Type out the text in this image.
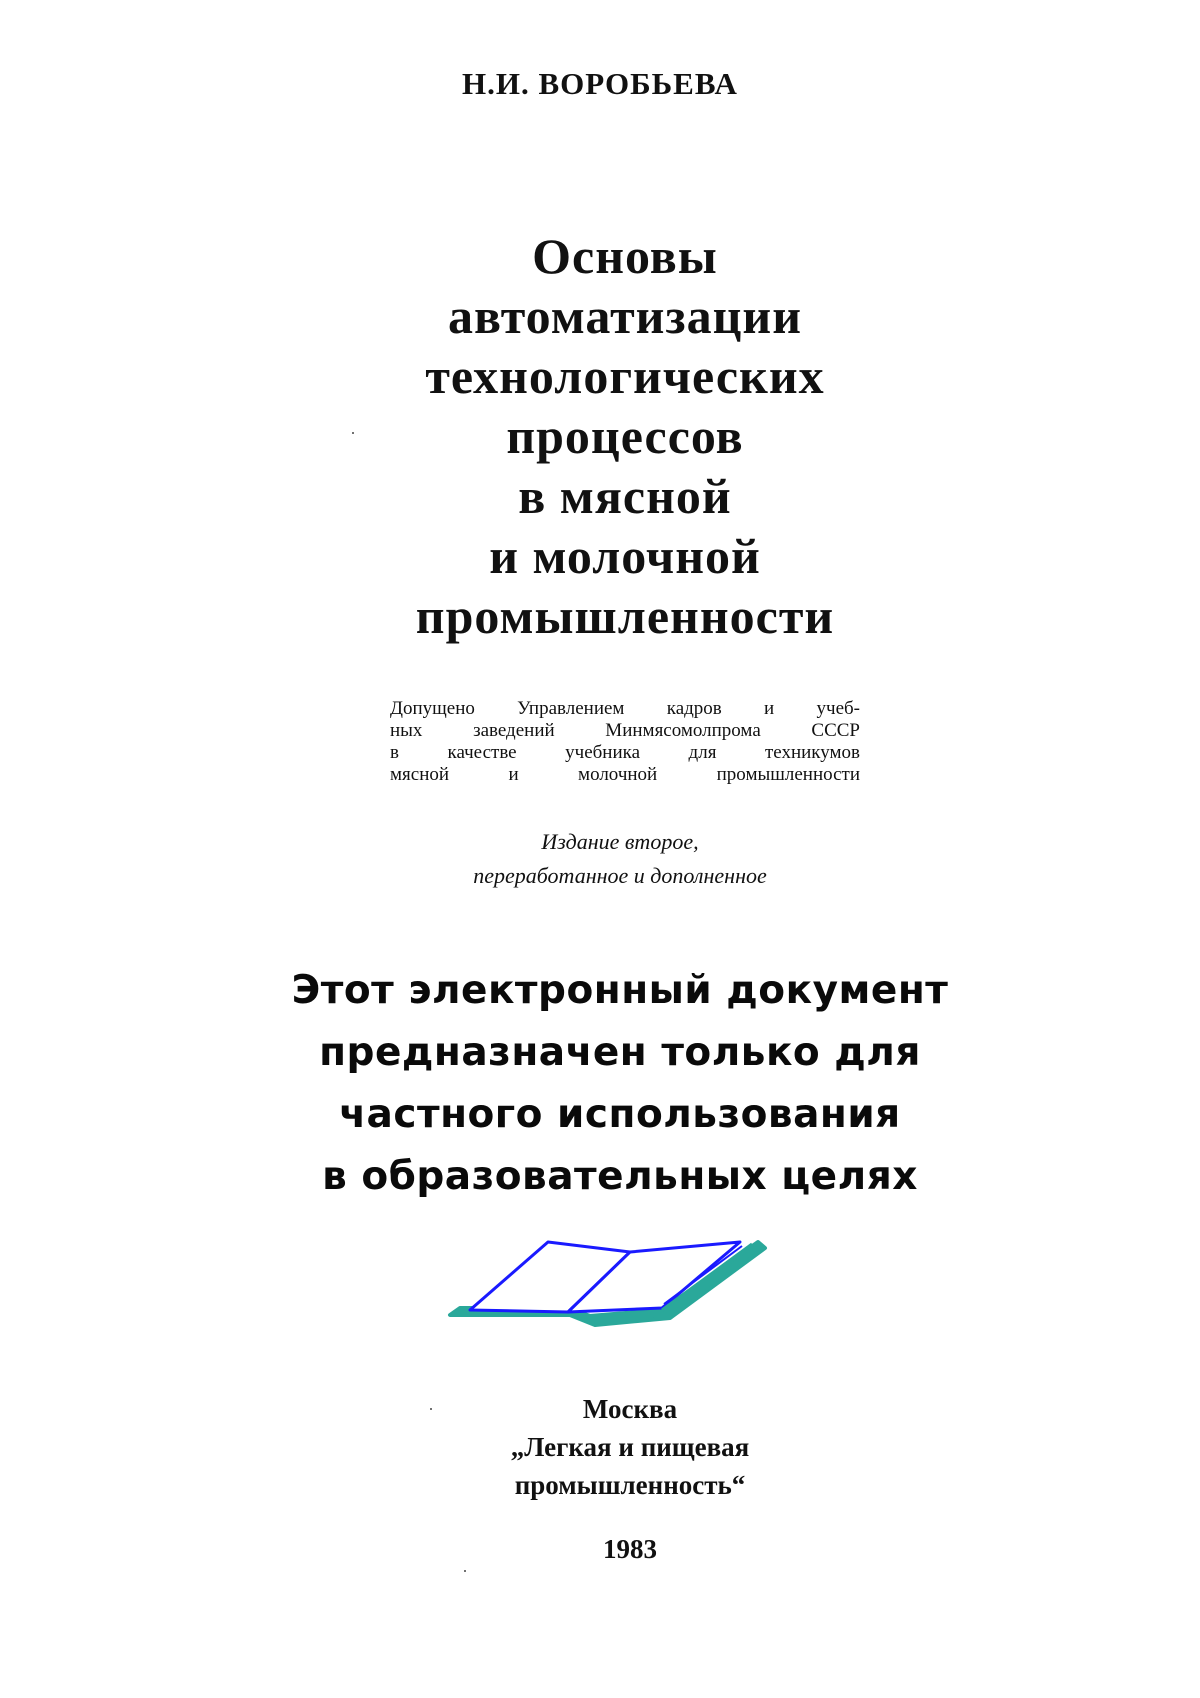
Н.И. ВОРОБЬЕВА
Основы
автоматизации
технологических
процессов
в мясной
и молочной
промышленности
Допущено Управлением кадров и учеб-
ных заведений Минмясомолпрома СССР
в качестве учебника для техникумов
мясной и молочной промышленности
Издание второе,
переработанное и дополненное
Этот электронный документ
предназначен только для
частного использования
в образовательных целях
Москва
„Легкая и пищевая
промышленность“
1983
